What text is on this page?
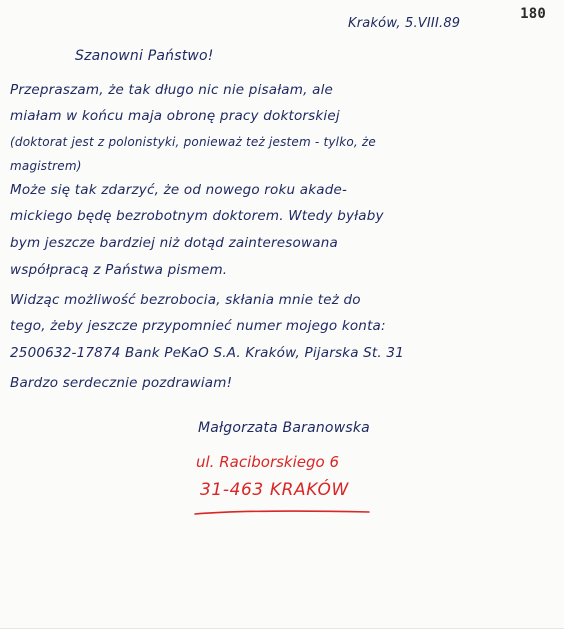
180
Kraków, 5.VIII.89
Szanowni Państwo!
Przepraszam, że tak długo nic nie pisałam, ale
miałam w końcu maja obronę pracy doktorskiej
(doktorat jest z polonistyki, ponieważ też jestem - tylko, że
magistrem)
Może się tak zdarzyć, że od nowego roku akade-
mickiego będę bezrobotnym doktorem. Wtedy byłaby
bym jeszcze bardziej niż dotąd zainteresowana
współpracą z Państwa pismem.
Widząc możliwość bezrobocia, skłania mnie też do
tego, żeby jeszcze przypomnieć numer mojego konta:
2500632-17874 Bank PeKaO S.A. Kraków, Pijarska St. 31
Bardzo serdecznie pozdrawiam!
Małgorzata Baranowska
ul. Raciborskiego 6
31-463 KRAKÓW
